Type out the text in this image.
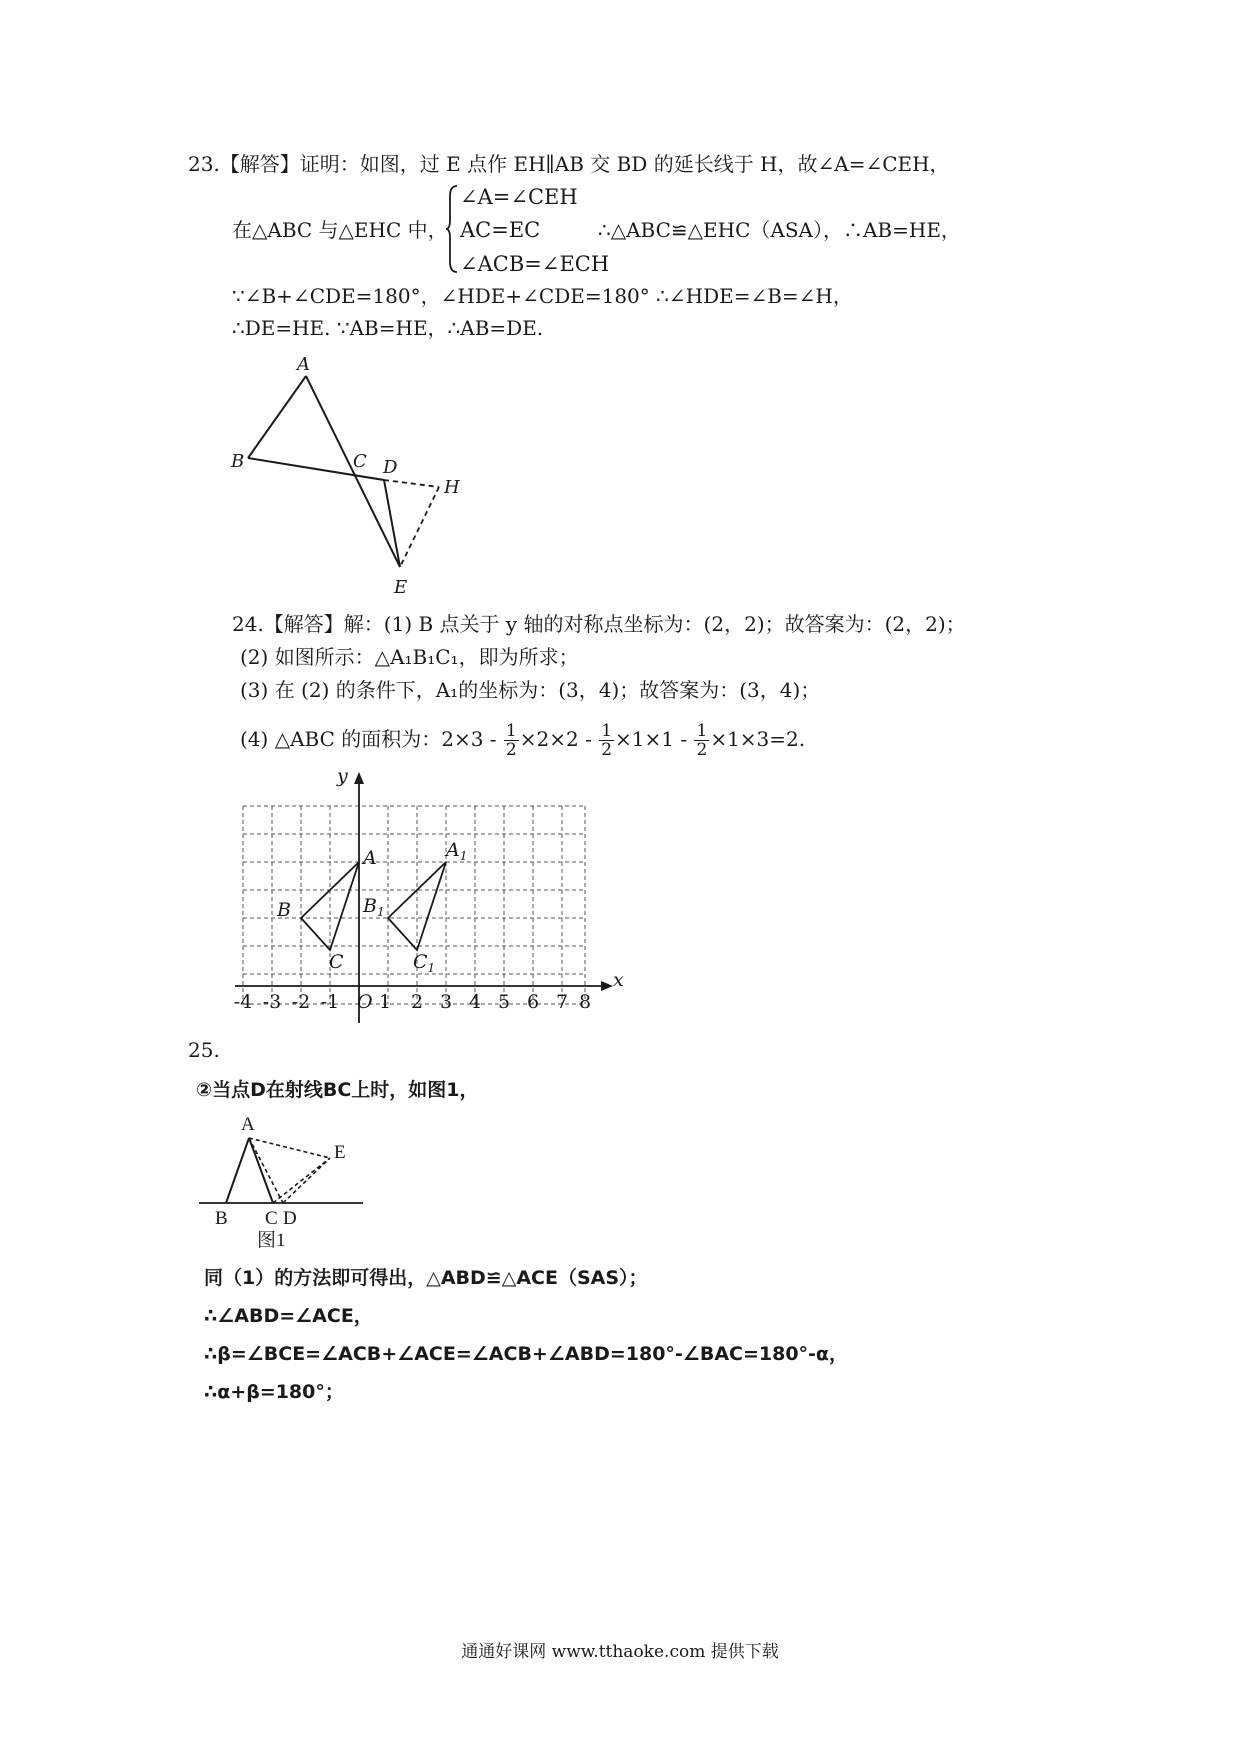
23.【解答】证明：如图，过 E 点作 EH∥AB 交 BD 的延长线于 H，故∠A=∠CEH，
在△ABC 与△EHC 中，
∠A=∠CEH
AC=EC
∠ACB=∠ECH
∴△ABC≌△EHC（ASA），∴AB=HE，
∵∠B+∠CDE=180°，∠HDE+∠CDE=180° ∴∠HDE=∠B=∠H，
∴DE=HE. ∵AB=HE，∴AB=DE.
A
B	C D
H
E
24.【解答】解：(1) B 点关于 y 轴的对称点坐标为：(2，2)；故答案为：(2，2)；
(2) 如图所示：△A₁B₁C₁，即为所求；
(3) 在 (2) 的条件下，A₁的坐标为：(3，4)；故答案为：(3，4)；
(4) △ABC 的面积为：$2\times 3 - \frac{1}{2} \times 2\times 2 - \frac{1}{2} \times 1\times 1 - \frac{1}{2} \times 1\times 3=2$.
y
x
O
A
B
C
$A_1$
$B_1$
$C_1$
-4 -3 -2 -1 1 2 3 4 5 6 7 8
25.
②当点D在射线BC上时，如图1，
A
B C D
E
图1
同（1）的方法即可得出，△ABD≌△ACE（SAS）；
∴∠ABD=∠ACE，
∴β=∠BCE=∠ACB+∠ACE=∠ACB+∠ABD=180°-∠BAC=180°-α，
∴α+β=180°；
通通好课网 www.tthaoke.com 提供下载
